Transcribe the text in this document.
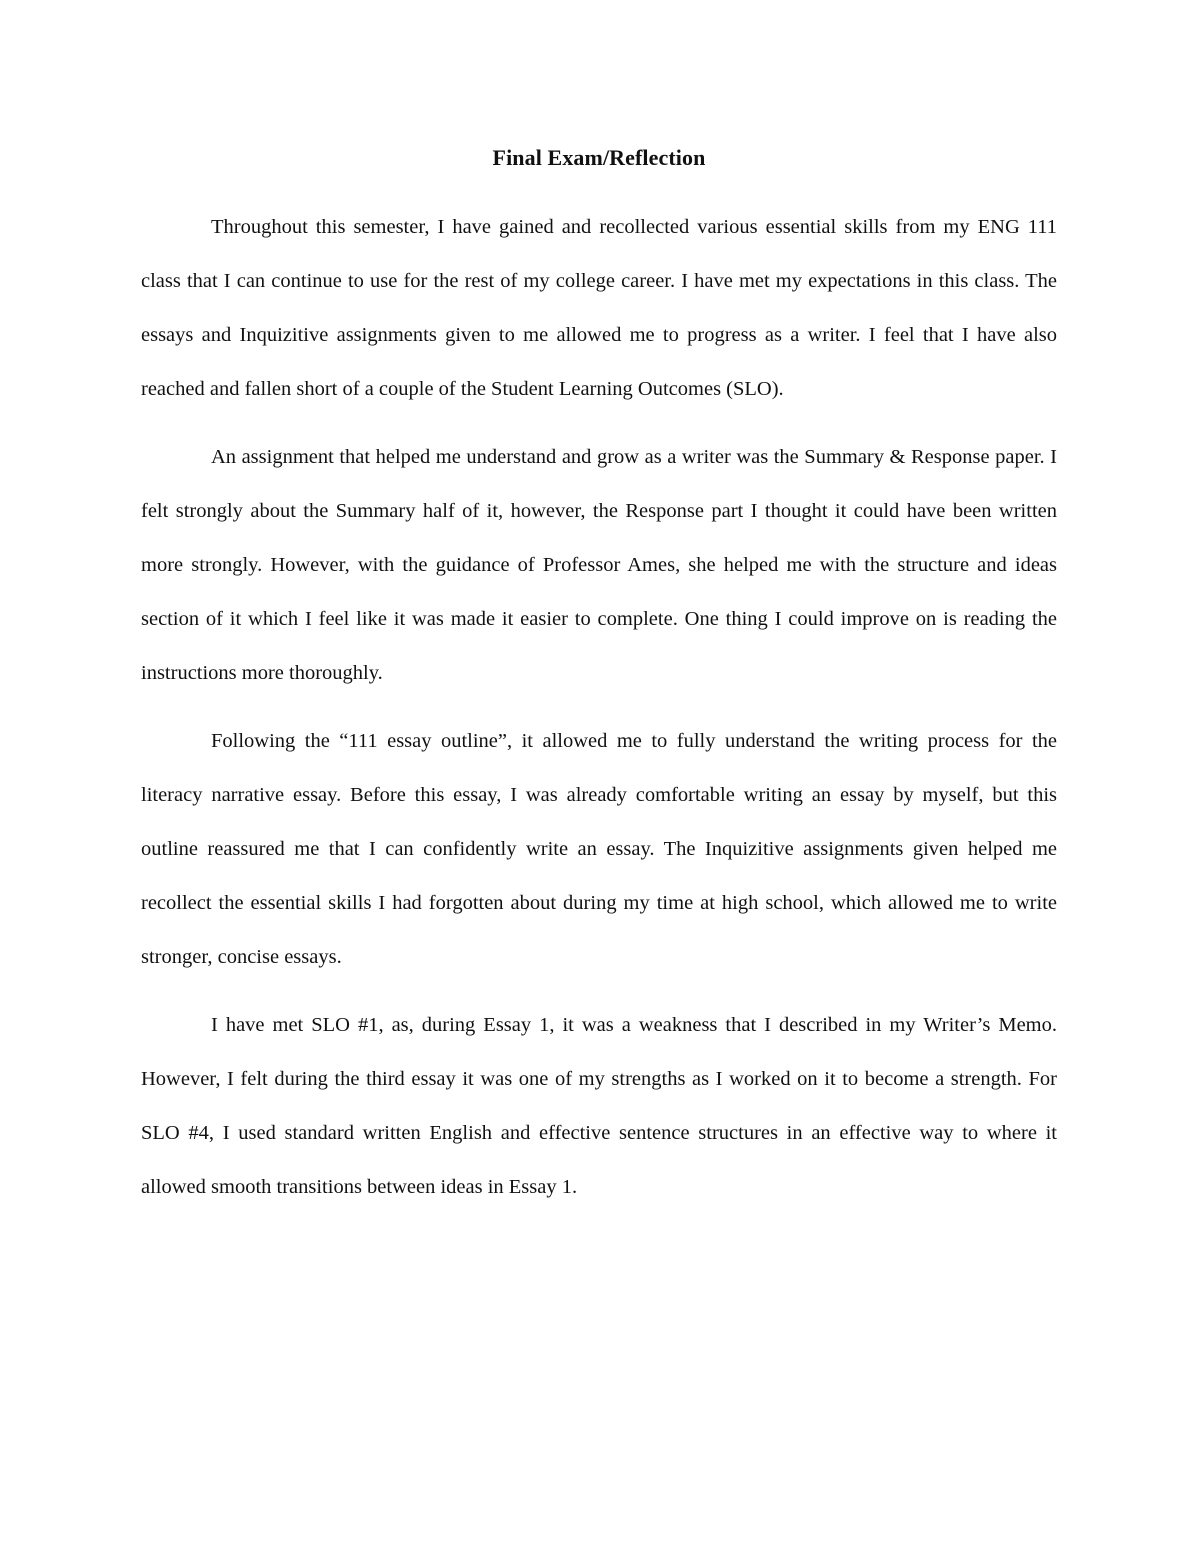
Final Exam/Reflection

Throughout this semester, I have gained and recollected various essential skills from my ENG 111 class that I can continue to use for the rest of my college career. I have met my expectations in this class. The essays and Inquizitive assignments given to me allowed me to progress as a writer. I feel that I have also reached and fallen short of a couple of the Student Learning Outcomes (SLO).

An assignment that helped me understand and grow as a writer was the Summary & Response paper. I felt strongly about the Summary half of it, however, the Response part I thought it could have been written more strongly. However, with the guidance of Professor Ames, she helped me with the structure and ideas section of it which I feel like it was made it easier to complete. One thing I could improve on is reading the instructions more thoroughly.

Following the “111 essay outline”, it allowed me to fully understand the writing process for the literacy narrative essay. Before this essay, I was already comfortable writing an essay by myself, but this outline reassured me that I can confidently write an essay. The Inquizitive assignments given helped me recollect the essential skills I had forgotten about during my time at high school, which allowed me to write stronger, concise essays.

I have met SLO #1, as, during Essay 1, it was a weakness that I described in my Writer’s Memo. However, I felt during the third essay it was one of my strengths as I worked on it to become a strength. For SLO #4, I used standard written English and effective sentence structures in an effective way to where it allowed smooth transitions between ideas in Essay 1.
